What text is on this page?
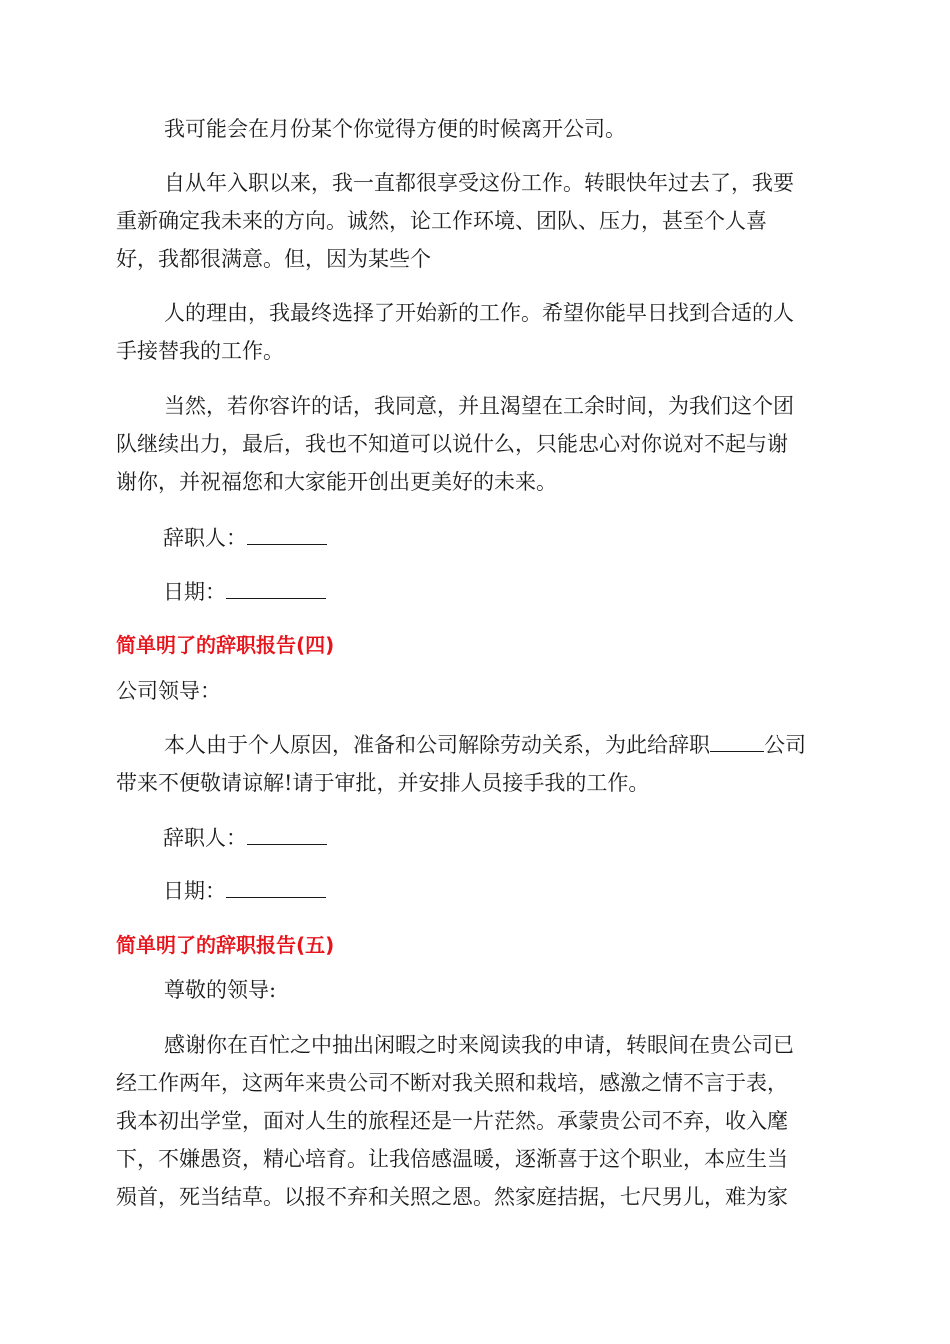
我可能会在月份某个你觉得方便的时候离开公司。
自从年入职以来，我一直都很享受这份工作。转眼快年过去了，我要
重新确定我未来的方向。诚然，论工作环境、团队、压力，甚至个人喜
好，我都很满意。但，因为某些个
人的理由，我最终选择了开始新的工作。希望你能早日找到合适的人
手接替我的工作。
当然，若你容许的话，我同意，并且渴望在工余时间，为我们这个团
队继续出力，最后，我也不知道可以说什么，只能忠心对你说对不起与谢
谢你，并祝福您和大家能开创出更美好的未来。
辞职人：
日期：
简单明了的辞职报告(四)
公司领导：
本人由于个人原因，准备和公司解除劳动关系，为此给辞职	公司
带来不便敬请谅解!请于审批，并安排人员接手我的工作。
辞职人：
日期：
简单明了的辞职报告(五)
尊敬的领导:
感谢你在百忙之中抽出闲暇之时来阅读我的申请，转眼间在贵公司已
经工作两年，这两年来贵公司不断对我关照和栽培，感激之情不言于表，
我本初出学堂，面对人生的旅程还是一片茫然。承蒙贵公司不弃，收入麾
下，不嫌愚资，精心培育。让我倍感温暖，逐渐喜于这个职业，本应生当
殒首，死当结草。以报不弃和关照之恩。然家庭拮据，七尺男儿，难为家
